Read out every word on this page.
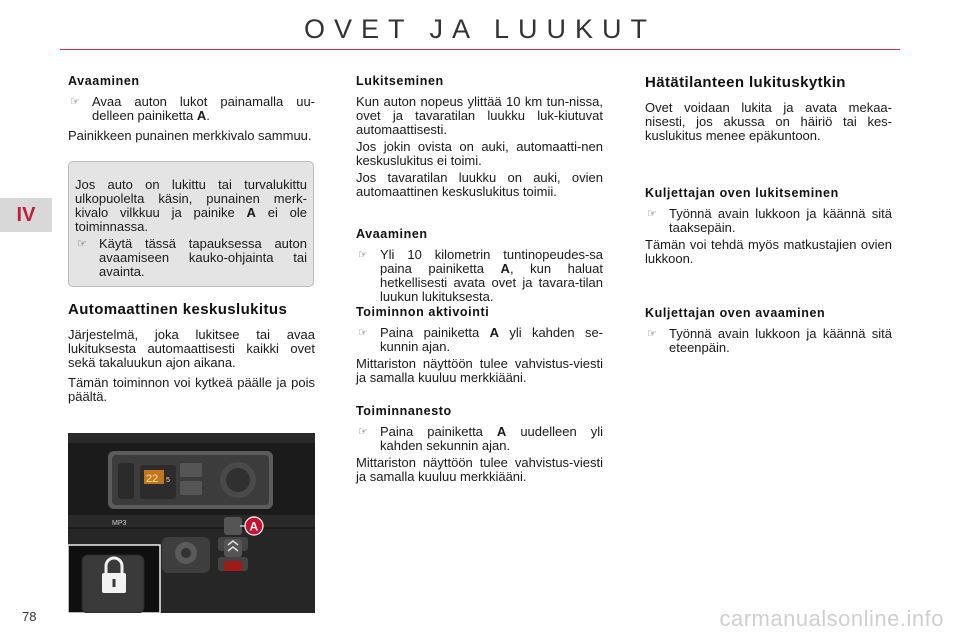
OVET JA LUUKUT
IV
Avaaminen
☞ Avaa auton lukot painamalla uu-delleen painiketta A.
Painikkeen punainen merkkivalo sammuu.
Jos auto on lukittu tai turvalukittu ulkopuolelta käsin, punainen merk-kivalo vilkkuu ja painike A ei ole toiminnassa.
☞ Käytä tässä tapauksessa auton avaamiseen kauko-ohjainta tai avainta.
Automaattinen keskuslukitus
Järjestelmä, joka lukitsee tai avaa lukituksesta automaattisesti kaikki ovet sekä takaluukun ajon aikana.
Tämän toiminnon voi kytkeä päälle ja pois päältä.
22 5
MP3	A
Lukitseminen
Kun auton nopeus ylittää 10 km tun-nissa, ovet ja tavaratilan luukku luk-kiutuvat automaattisesti.
Jos jokin ovista on auki, automaatti-nen keskuslukitus ei toimi.
Jos tavaratilan luukku on auki, ovien automaattinen keskuslukitus toimii.
Avaaminen
☞ Yli 10 kilometrin tuntinopeudes-sa paina painiketta A, kun haluat hetkellisesti avata ovet ja tavara-tilan luukun lukituksesta.
Toiminnon aktivointi
☞ Paina painiketta A yli kahden se-kunnin ajan.
Mittariston näyttöön tulee vahvistus-viesti ja samalla kuuluu merkkiääni.
Toiminnanesto
☞ Paina painiketta A uudelleen yli kahden sekunnin ajan.
Mittariston näyttöön tulee vahvistus-viesti ja samalla kuuluu merkkiääni.
Hätätilanteen lukituskytkin
Ovet voidaan lukita ja avata mekaa-nisesti, jos akussa on häiriö tai kes-kuslukitus menee epäkuntoon.
Kuljettajan oven lukitseminen
☞ Työnnä avain lukkoon ja käännä sitä taaksepäin.
Tämän voi tehdä myös matkustajien ovien lukkoon.
Kuljettajan oven avaaminen
☞ Työnnä avain lukkoon ja käännä sitä eteenpäin.
78	carmanualsonline.info
